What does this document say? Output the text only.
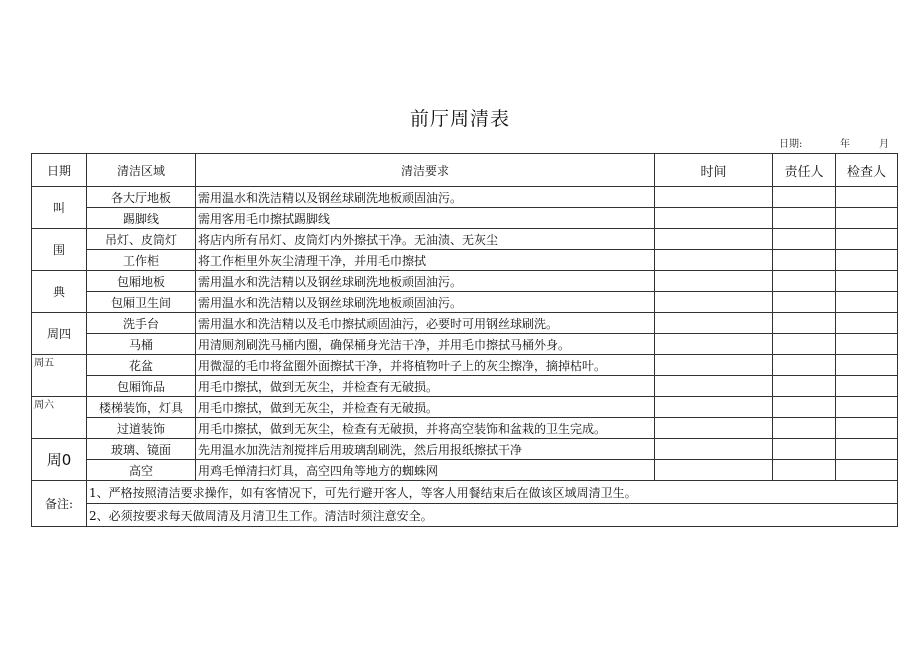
前厅周清表
日期:	年	月
日期	清洁区域	清洁要求	时间	责任人	检查人
叫	各大厅地板	需用温水和洗洁精以及钢丝球刷洗地板顽固油污。			
	踢脚线	需用客用毛巾擦拭踢脚线			
围	吊灯、皮筒灯	将店内所有吊灯、皮筒灯内外擦拭干净。无油渍、无灰尘			
	工作柜	将工作柜里外灰尘清理干净，并用毛巾擦拭			
典	包厢地板	需用温水和洗洁精以及钢丝球刷洗地板顽固油污。			
	包厢卫生间	需用温水和洗洁精以及钢丝球刷洗地板顽固油污。			
周四	洗手台	需用温水和洗洁精以及毛巾擦拭顽固油污，必要时可用钢丝球刷洗。			
	马桶	用清厕剂刷洗马桶内圈，确保桶身光洁干净，并用毛巾擦拭马桶外身。			
周五	花盆	用微湿的毛巾将盆圈外面擦拭干净，并将植物叶子上的灰尘擦净，摘掉枯叶。			
	包厢饰品	用毛巾擦拭，做到无灰尘，并检查有无破损。			
周六	楼梯装饰，灯具	用毛巾擦拭，做到无灰尘，并检查有无破损。			
	过道装饰	用毛巾擦拭，做到无灰尘，检查有无破损，并将高空装饰和盆栽的卫生完成。			
周0	玻璃、镜面	先用温水加洗洁剂搅拌后用玻璃刮刷洗，然后用报纸擦拭干净			
	高空	用鸡毛惮清扫灯具，高空四角等地方的蜘蛛网			
备注:	1、严格按照清洁要求操作，如有客情况下，可先行避开客人，等客人用餐结束后在做该区域周清卫生。				
	2、必须按要求每天做周清及月清卫生工作。清洁时须注意安全。				
